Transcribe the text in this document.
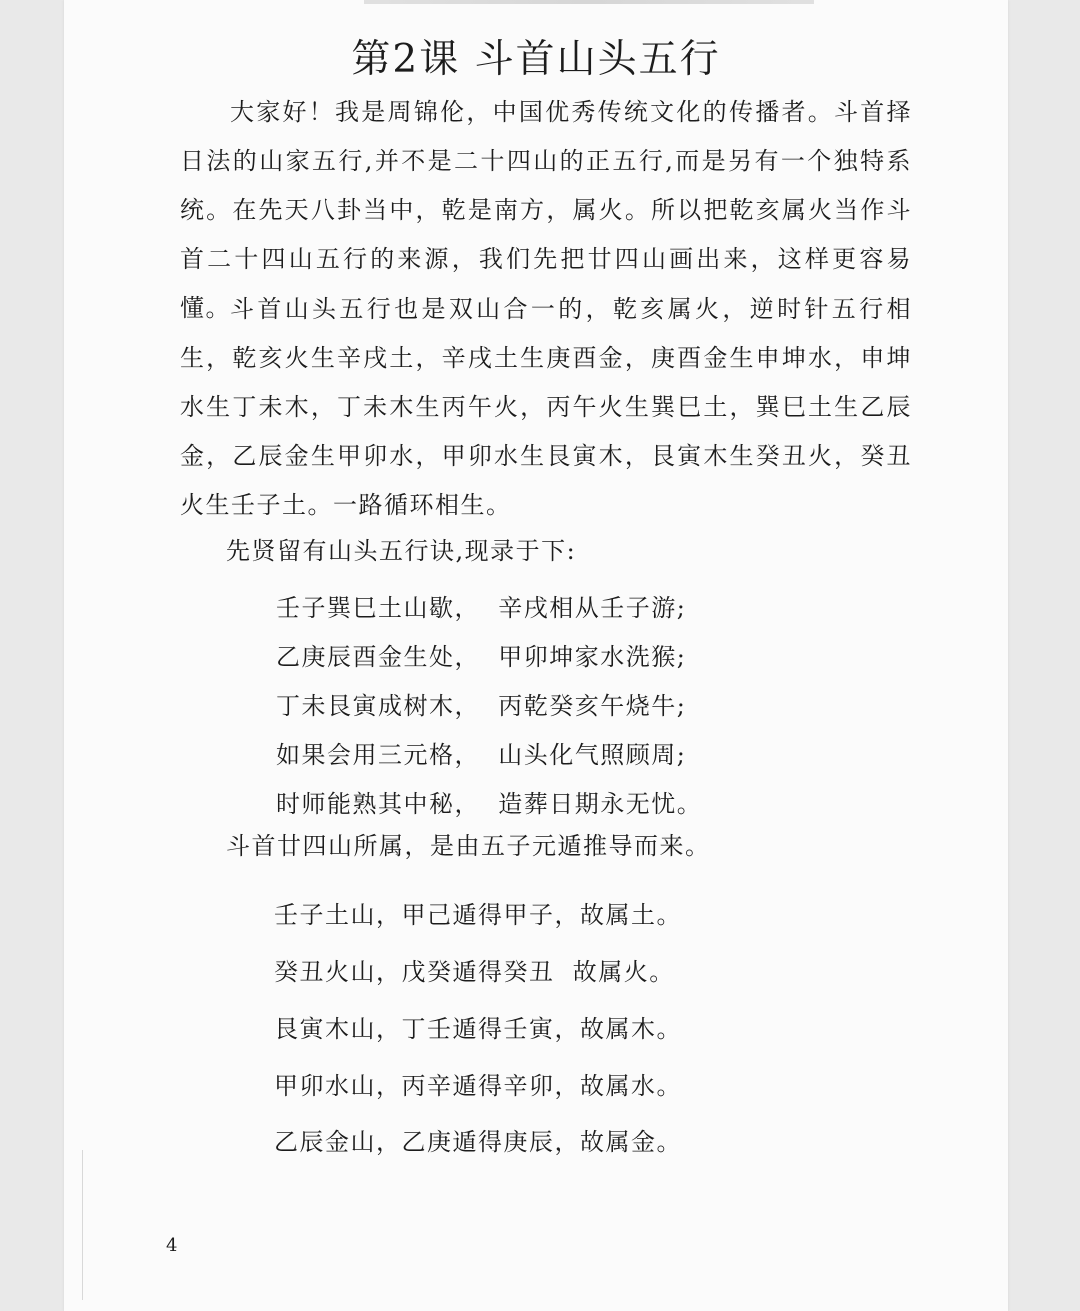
第2课 斗首山头五行
大家好！我是周锦伦，中国优秀传统文化的传播者。斗首择日法的山家五行,并不是二十四山的正五行,而是另有一个独特系统。在先天八卦当中，乾是南方，属火。所以把乾亥属火当作斗首二十四山五行的来源，我们先把廿四山画出来，这样更容易懂。 斗首山头五行也是双山合一的，乾亥属火，逆时针五行相生，乾亥火生辛戌土，辛戌土生庚酉金，庚酉金生申坤水，申坤水生丁未木，丁未木生丙午火，丙午火生巽巳土，巽巳土生乙辰金，乙辰金生甲卯水，甲卯水生艮寅木，艮寅木生癸丑火，癸丑火生壬子土。一路循环相生。
先贤留有山头五行诀,现录于下:
壬子巽巳土山歇，  辛戌相从壬子游;
乙庚辰酉金生处，  甲卯坤家水洗猴;
丁未艮寅成树木，  丙乾癸亥午烧牛;
如果会用三元格，  山头化气照顾周;
时师能熟其中秘，  造葬日期永无忧。
斗首廿四山所属，是由五子元遁推导而来。
壬子土山，甲己遁得甲子，故属土。
癸丑火山，戊癸遁得癸丑  故属火。
艮寅木山，丁壬遁得壬寅，故属木。
甲卯水山，丙辛遁得辛卯，故属水。
乙辰金山，乙庚遁得庚辰，故属金。
4
